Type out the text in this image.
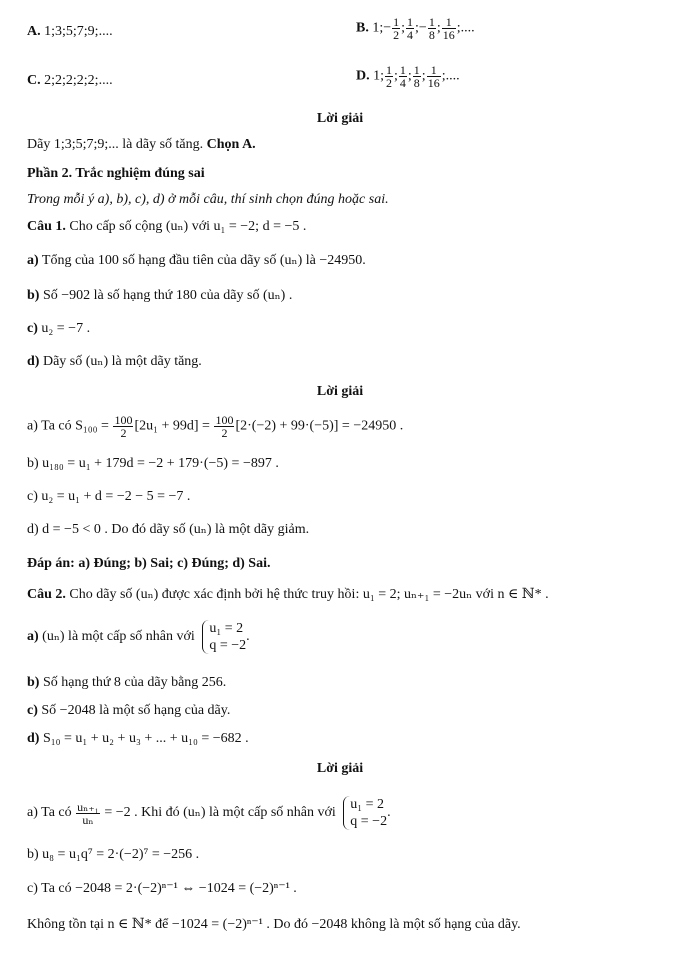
A. 1;3;5;7;9;....	B. 1;− $\frac{1}{2}$ ; $\frac{1}{4}$ ;− $\frac{1}{8}$ ; $\frac{1}{16}$ ;....
C. 2;2;2;2;2;....	D. 1; $\frac{1}{2}$ ; $\frac{1}{4}$ ; $\frac{1}{8}$ ; $\frac{1}{16}$ ;....
Lời giải
Dãy 1;3;5;7;9;... là dãy số tăng. Chọn A.
Phần 2. Trắc nghiệm đúng sai
Trong mỗi ý a), b), c), d) ở mỗi câu, thí sinh chọn đúng hoặc sai.
Câu 1. Cho cấp số cộng (uₙ) với u₁ = −2; d = −5 .
a) Tổng của 100 số hạng đầu tiên của dãy số (uₙ) là −24950.
b) Số −902 là số hạng thứ 180 của dãy số (uₙ) .
c) u₂ = −7 .
d) Dãy số (uₙ) là một dãy tăng.
Lời giải
a) Ta có $S_{100} = \frac{100}{2} [2u_1 + 99d] = \frac{100}{2} [2\cdot(-2) + 99\cdot(-5)] = -24950$ .
b) u₁₈₀ = u₁ + 179d = −2 + 179·(−5) = −897 .
c) u₂ = u₁ + d = −2 − 5 = −7 .
d) d = −5 < 0 . Do đó dãy số (uₙ) là một dãy giảm.
Đáp án: a) Đúng; b) Sai; c) Đúng; d) Sai.
Câu 2. Cho dãy số (uₙ) được xác định bởi hệ thức truy hồi: u₁ = 2; uₙ₊₁ = −2uₙ với n ∈ ℕ* .
a) (uₙ) là một cấp số nhân với
u₁ = 2
q = −2
.
b) Số hạng thứ 8 của dãy bằng 256.
c) Số −2048 là một số hạng của dãy.
d) S₁₀ = u₁ + u₂ + u₃ + ... + u₁₀ = −682 .
Lời giải
a) Ta có $\frac{\text{uₙ₊₁}}{\text{uₙ}} = -2$ . Khi đó (uₙ) là một cấp số nhân với
u₁ = 2
q = −2
.
b) u₈ = u₁q⁷ = 2·(−2)⁷ = −256 .
c) Ta có −2048 = 2·(−2)ⁿ⁻¹ ⇔ −1024 = (−2)ⁿ⁻¹ .
Không tồn tại n ∈ ℕ* để −1024 = (−2)ⁿ⁻¹ . Do đó −2048 không là một số hạng của dãy.
